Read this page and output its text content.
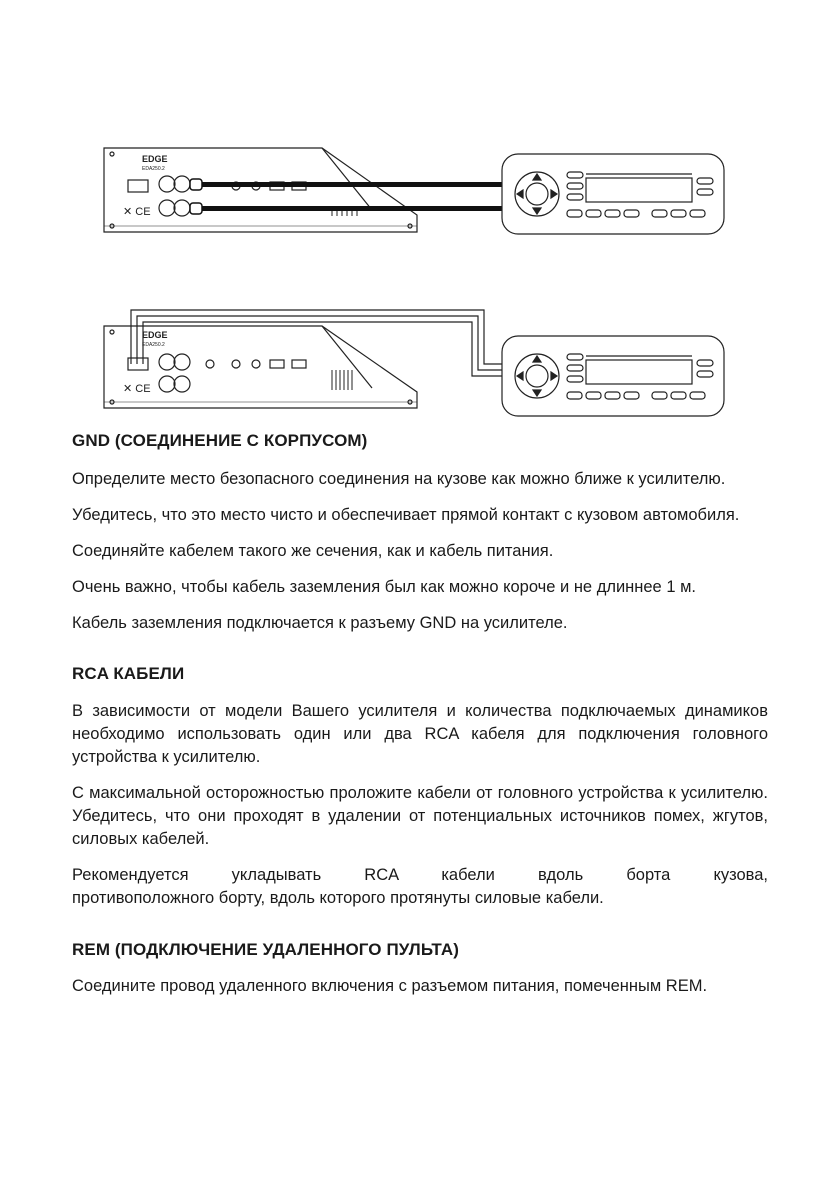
EDGE
EDA250.2
✕ CE
EDGE
EDA250.2
✕ CE
GND (СОЕДИНЕНИЕ С КОРПУСОМ)

Определите место безопасного соединения на кузове как можно ближе к усилителю.

Убедитесь, что это место чисто и обеспечивает прямой контакт с кузовом автомобиля.

Соединяйте кабелем такого же сечения, как и кабель питания.

Очень важно, чтобы кабель заземления был как можно короче и не длиннее 1 м.

Кабель заземления подключается к разъему GND на усилителе.

RCA КАБЕЛИ

В зависимости от модели Вашего усилителя и количества подключаемых динамиков необходимо использовать один или два RCA кабеля для подключения головного устройства к усилителю.

С максимальной осторожностью проложите кабели от головного устройства к усилителю. Убедитесь, что они проходят в удалении от потенциальных источников помех, жгутов, силовых кабелей.

Рекомендуется укладывать RCA кабели вдоль борта кузова,

противоположного борту, вдоль которого протянуты силовые кабели.

REM (ПОДКЛЮЧЕНИЕ УДАЛЕННОГО ПУЛЬТА)

Соедините провод удаленного включения с разъемом питания, помеченным REM.
